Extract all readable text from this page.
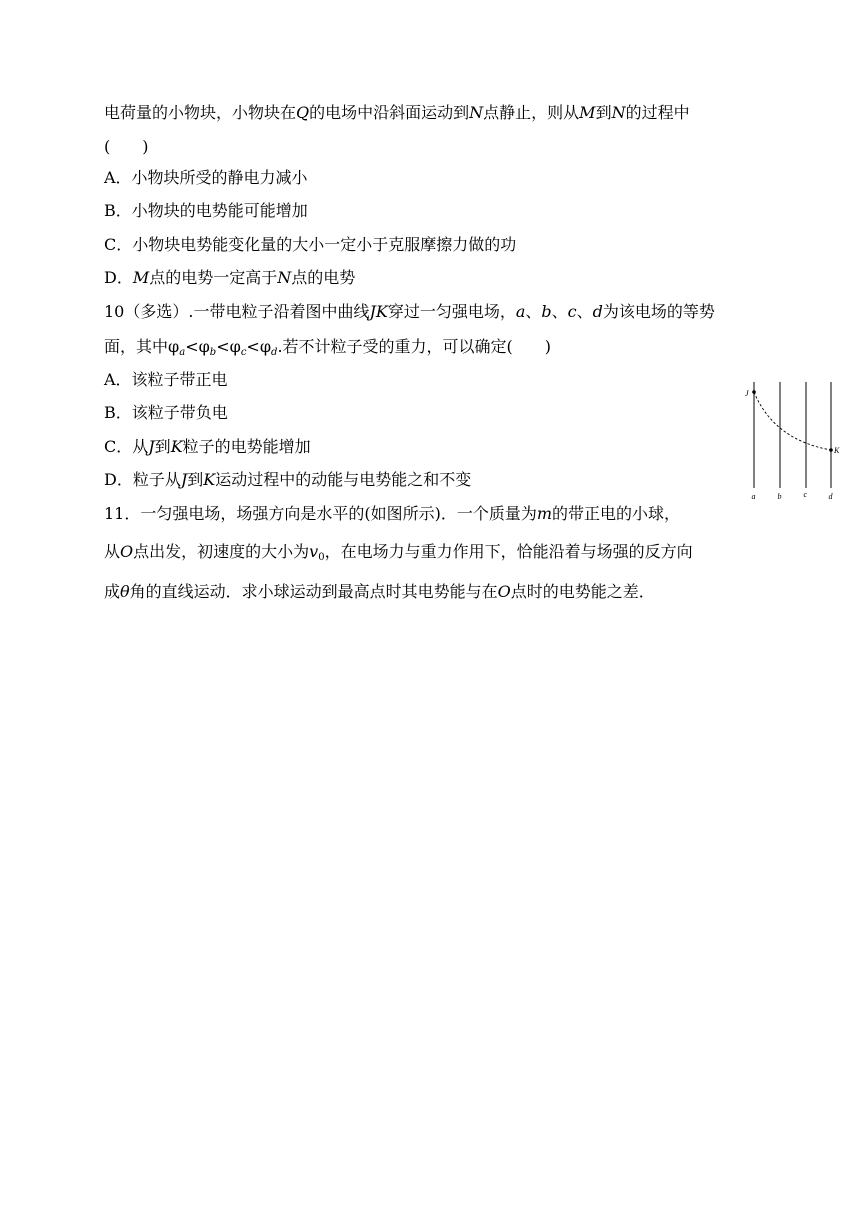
电荷量的小物块，小物块在Q的电场中沿斜面运动到N点静止，则从M到N的过程中
(　　)
A．小物块所受的静电力减小
B．小物块的电势能可能增加
C．小物块电势能变化量的大小一定小于克服摩擦力做的功
D．M点的电势一定高于N点的电势
10（多选）.一带电粒子沿着图中曲线JK穿过一匀强电场，a、b、c、d为该电场的等势
面，其中$\varphi_a<\varphi_b<\varphi_c<\varphi_d$.若不计粒子受的重力，可以确定(　　)
A．该粒子带正电
B．该粒子带负电
C．从J到K粒子的电势能增加
D．粒子从J到K运动过程中的动能与电势能之和不变
J
K
a	b	c	d
11．一匀强电场，场强方向是水平的(如图所示)．一个质量为m的带正电的小球，
从O点出发，初速度的大小为$v_0$，在电场力与重力作用下，恰能沿着与场强的反方向
成θ角的直线运动．求小球运动到最高点时其电势能与在O点时的电势能之差．
